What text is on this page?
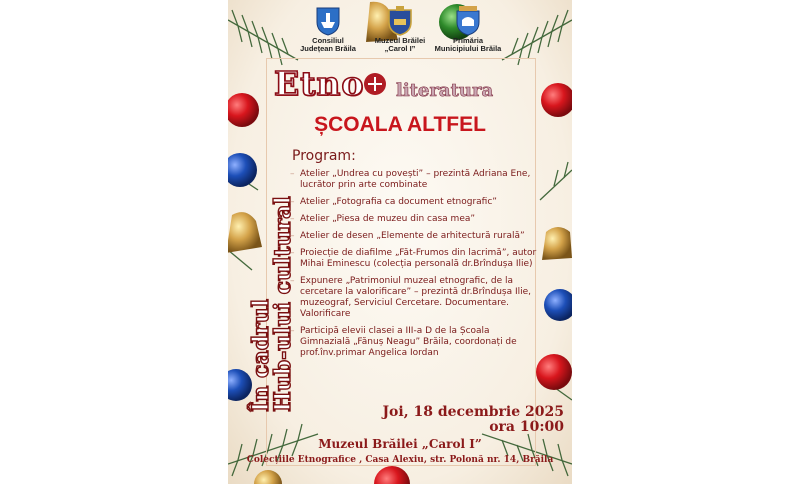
Consiliul
Județean Brăila
Muzeul Brăilei
„Carol I”
Primăria
Municipiului Brăila
Etno literatura
ȘCOALA ALTFEL
În cadrul
Hub-ului cultural
Program:
– Atelier „Undrea cu povești” – prezintă Adriana Ene, lucrător prin arte combinate
– Atelier „Fotografia ca document etnografic”
– Atelier „Piesa de muzeu din casa mea”
– Atelier de desen „Elemente de arhitectură rurală”
– Proiecție de diafilme „Făt-Frumos din lacrimă”, autor Mihai Eminescu (colecția personală dr.Brîndușa Ilie)
– Expunere „Patrimoniul muzeal etnografic, de la cercetare la valorificare” – prezintă dr.Brîndușa Ilie, muzeograf, Serviciul Cercetare. Documentare. Valorificare
– Participă elevii clasei a III-a D de la Școala Gimnazială „Fănuș Neagu” Brăila, coordonați de prof.înv.primar Angelica Iordan
Joi, 18 decembrie 2025
ora 10:00
Muzeul Brăilei „Carol I”
Colecțiile Etnografice , Casa Alexiu, str. Polonă nr. 14, Brăila
